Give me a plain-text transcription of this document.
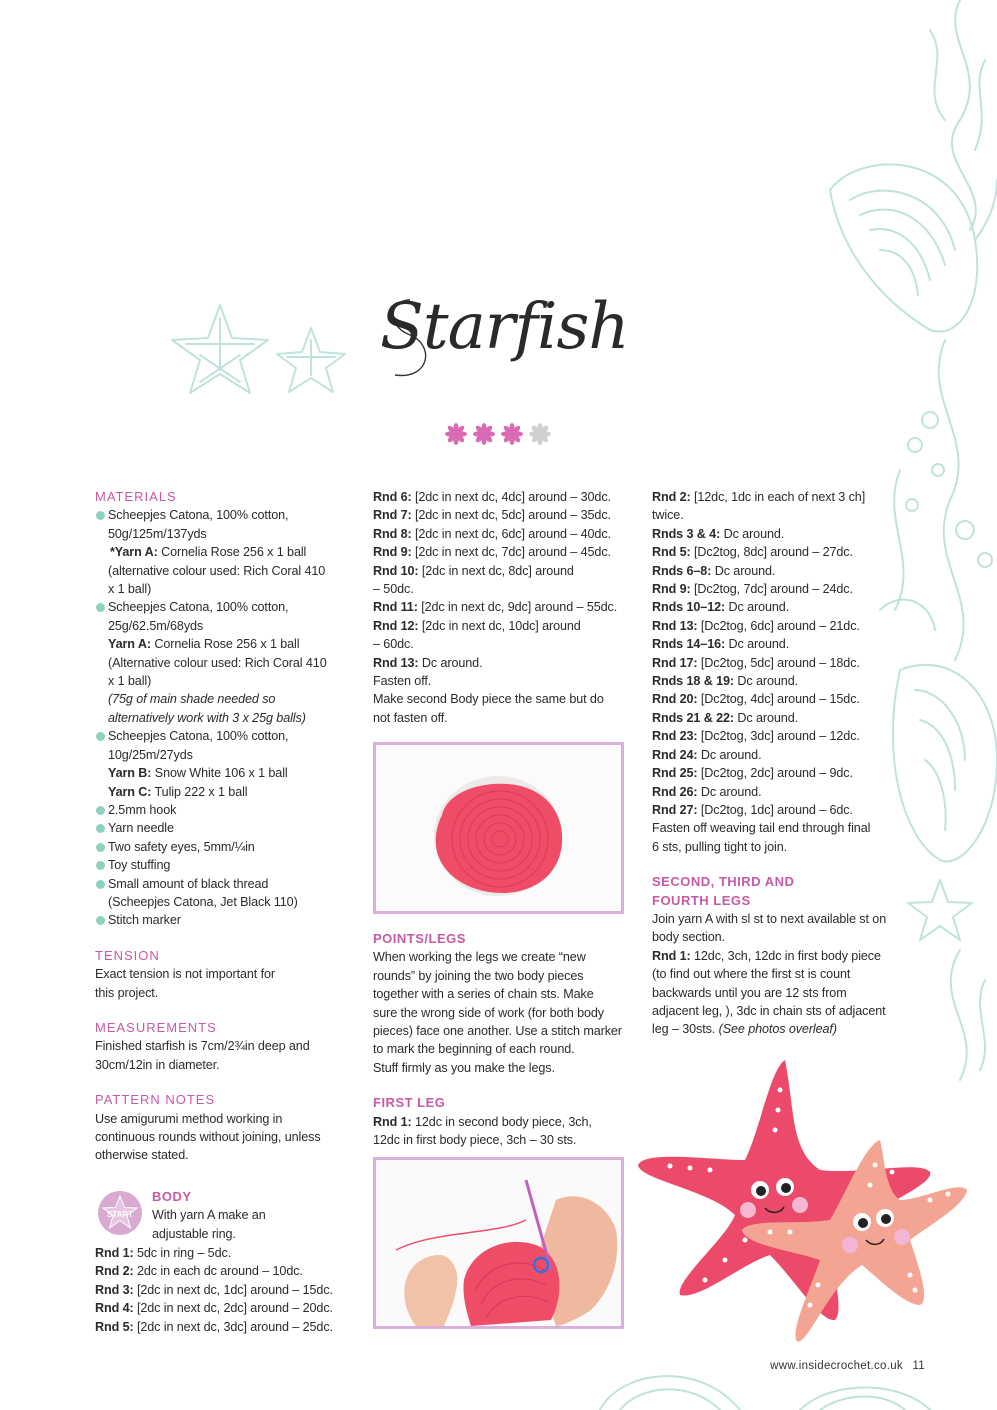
Starfish

MATERIALS

Scheepjes Catona, 100% cotton,
50g/125m/137yds
*Yarn A: Cornelia Rose 256 x 1 ball
(alternative colour used: Rich Coral 410
x 1 ball)
Scheepjes Catona, 100% cotton,
25g/62.5m/68yds
Yarn A: Cornelia Rose 256 x 1 ball
(Alternative colour used: Rich Coral 410
x 1 ball)
(75g of main shade needed so
alternatively work with 3 x 25g balls)
Scheepjes Catona, 100% cotton,
10g/25m/27yds
Yarn B: Snow White 106 x 1 ball
Yarn C: Tulip 222 x 1 ball
2.5mm hook
Yarn needle
Two safety eyes, 5mm/¼in
Toy stuffing
Small amount of black thread
(Scheepjes Catona, Jet Black 110)
Stitch marker

TENSION

Exact tension is not important for
this project.

MEASUREMENTS

Finished starfish is 7cm/2¾in deep and
30cm/12in in diameter.

PATTERN NOTES

Use amigurumi method working in
continuous rounds without joining, unless
otherwise stated.
START

BODY

With yarn A make an
adjustable ring.
Rnd 1: 5dc in ring – 5dc.
Rnd 2: 2dc in each dc around – 10dc.
Rnd 3: [2dc in next dc, 1dc] around – 15dc.
Rnd 4: [2dc in next dc, 2dc] around – 20dc.
Rnd 5: [2dc in next dc, 3dc] around – 25dc.
Rnd 6: [2dc in next dc, 4dc] around – 30dc.
Rnd 7: [2dc in next dc, 5dc] around – 35dc.
Rnd 8: [2dc in next dc, 6dc] around – 40dc.
Rnd 9: [2dc in next dc, 7dc] around – 45dc.
Rnd 10: [2dc in next dc, 8dc] around
– 50dc.
Rnd 11: [2dc in next dc, 9dc] around – 55dc.
Rnd 12: [2dc in next dc, 10dc] around
– 60dc.
Rnd 13: Dc around.
Fasten off.
Make second Body piece the same but do
not fasten off.

POINTS/LEGS

When working the legs we create “new
rounds” by joining the two body pieces
together with a series of chain sts. Make
sure the wrong side of work (for both body
pieces) face one another. Use a stitch marker
to mark the beginning of each round.
Stuff firmly as you make the legs.

FIRST LEG

Rnd 1: 12dc in second body piece, 3ch,
12dc in first body piece, 3ch – 30 sts.
Rnd 2: [12dc, 1dc in each of next 3 ch]
twice.
Rnds 3 & 4: Dc around.
Rnd 5: [Dc2tog, 8dc] around – 27dc.
Rnds 6–8: Dc around.
Rnd 9: [Dc2tog, 7dc] around – 24dc.
Rnds 10–12: Dc around.
Rnd 13: [Dc2tog, 6dc] around – 21dc.
Rnds 14–16: Dc around.
Rnd 17: [Dc2tog, 5dc] around – 18dc.
Rnds 18 & 19: Dc around.
Rnd 20: [Dc2tog, 4dc] around – 15dc.
Rnds 21 & 22: Dc around.
Rnd 23: [Dc2tog, 3dc] around – 12dc.
Rnd 24: Dc around.
Rnd 25: [Dc2tog, 2dc] around – 9dc.
Rnd 26: Dc around.
Rnd 27: [Dc2tog, 1dc] around – 6dc.
Fasten off weaving tail end through final
6 sts, pulling tight to join.

SECOND, THIRD AND
FOURTH LEGS

Join yarn A with sl st to next available st on
body section.
Rnd 1: 12dc, 3ch, 12dc in first body piece
(to find out where the first st is count
backwards until you are 12 sts from
adjacent leg, ), 3dc in chain sts of adjacent
leg – 30sts. (See photos overleaf)
www.insidecrochet.co.uk 11
